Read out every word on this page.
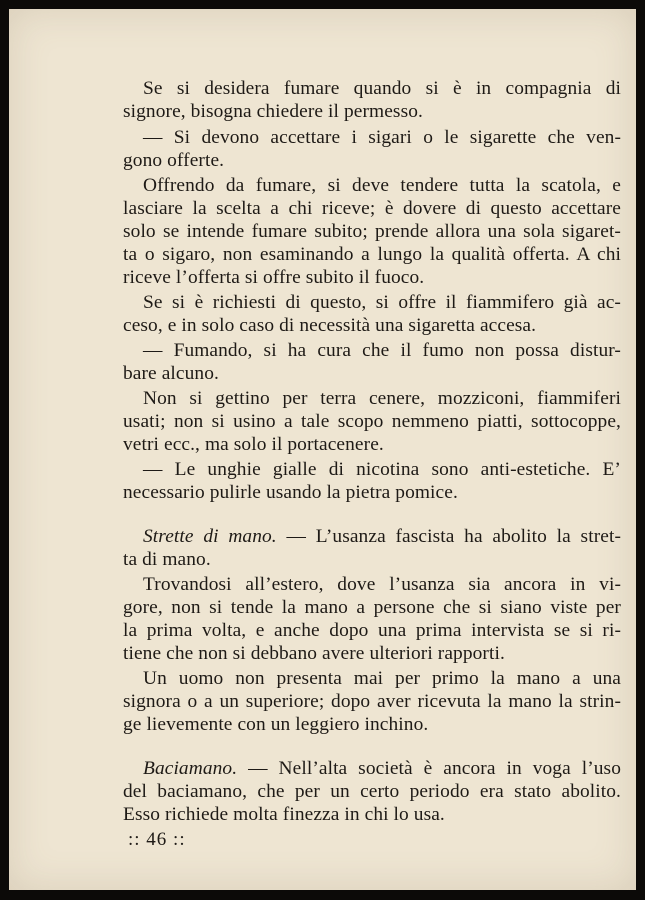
Se si desidera fumare quando si è in compagnia di
signore, bisogna chiedere il permesso.
— Si devono accettare i sigari o le sigarette che ven-
gono offerte.
Offrendo da fumare, si deve tendere tutta la scatola, e
lasciare la scelta a chi riceve; è dovere di questo accettare
solo se intende fumare subito; prende allora una sola sigaret-
ta o sigaro, non esaminando a lungo la qualità offerta. A chi
riceve l’offerta si offre subito il fuoco.
Se si è richiesti di questo, si offre il fiammifero già ac-
ceso, e in solo caso di necessità una sigaretta accesa.
— Fumando, si ha cura che il fumo non possa distur-
bare alcuno.
Non si gettino per terra cenere, mozziconi, fiammiferi
usati; non si usino a tale scopo nemmeno piatti, sottocoppe,
vetri ecc., ma solo il portacenere.
— Le unghie gialle di nicotina sono anti-estetiche. E’
necessario pulirle usando la pietra pomice.
Strette di mano. — L’usanza fascista ha abolito la stret-
ta di mano.
Trovandosi all’estero, dove l’usanza sia ancora in vi-
gore, non si tende la mano a persone che si siano viste per
la prima volta, e anche dopo una prima intervista se si ri-
tiene che non si debbano avere ulteriori rapporti.
Un uomo non presenta mai per primo la mano a una
signora o a un superiore; dopo aver ricevuta la mano la strin-
ge lievemente con un leggiero inchino.
Baciamano. — Nell’alta società è ancora in voga l’uso
del baciamano, che per un certo periodo era stato abolito.
Esso richiede molta finezza in chi lo usa.
:: 46 ::
